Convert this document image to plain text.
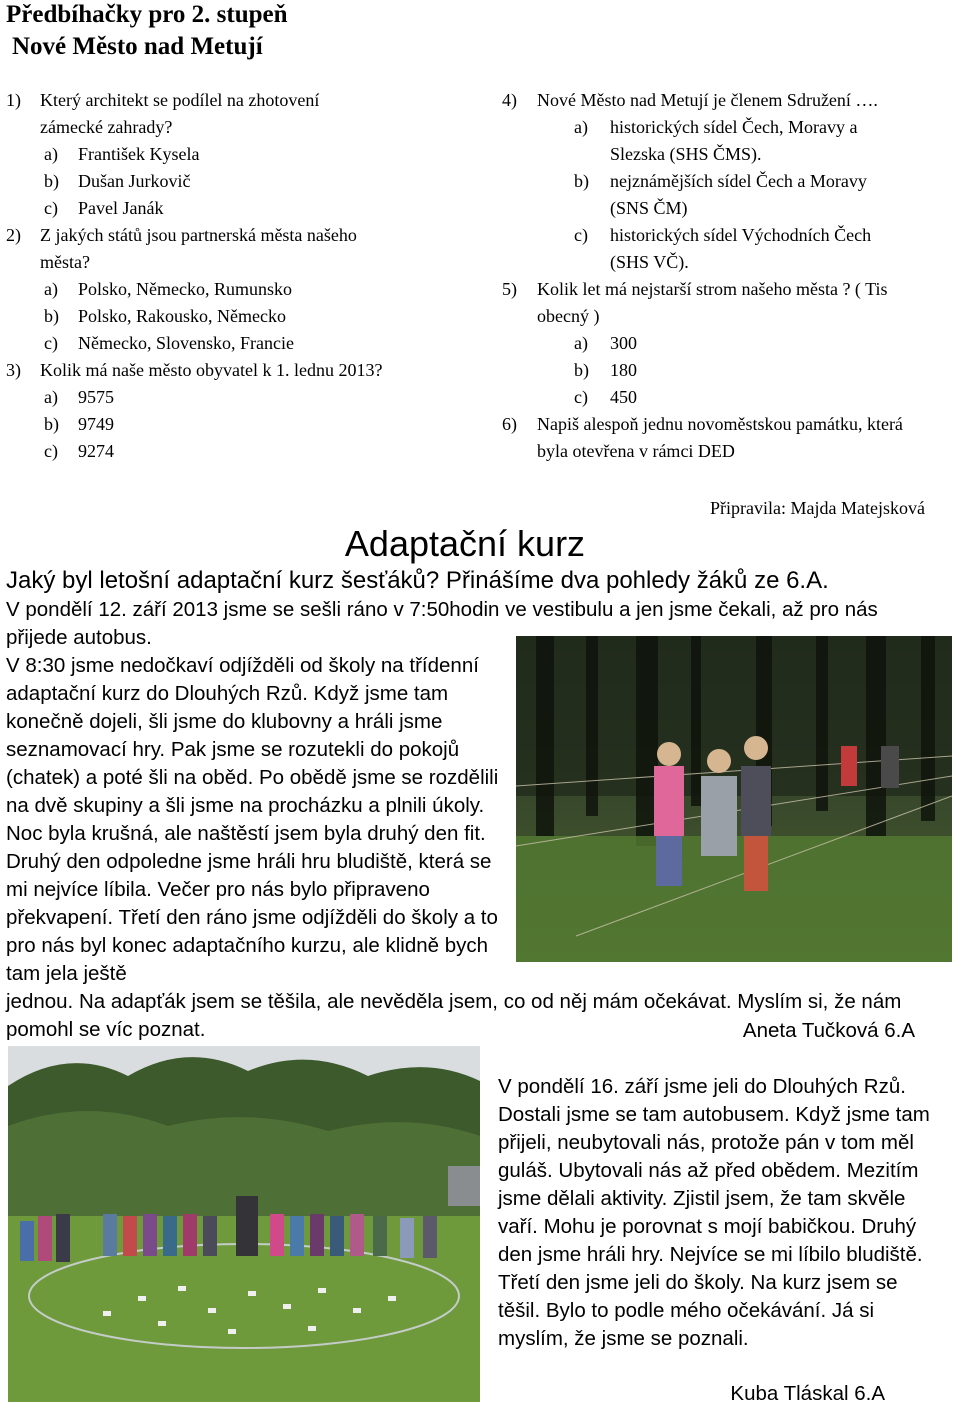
Předbíhačky pro 2. stupeň
Nové Město nad Metují
1) Který architekt se podílel na zhotovení zámecké zahrady?
a) František Kysela
b) Dušan Jurkovič
c) Pavel Janák
2) Z jakých států jsou partnerská města našeho města?
a) Polsko, Německo, Rumunsko
b) Polsko, Rakousko, Německo
c) Německo, Slovensko, Francie
3) Kolik má naše město obyvatel k 1. lednu 2013?
a) 9575
b) 9749
c) 9274
4) Nové Město nad Metují je členem Sdružení ….
a) historických sídel Čech, Moravy a Slezska (SHS ČMS).
b) nejznámějších sídel Čech a Moravy (SNS ČM)
c) historických sídel Východních Čech (SHS VČ).
5) Kolik let má nejstarší strom našeho města ? ( Tis obecný )
a) 300
b) 180
c) 450
6) Napiš alespoň jednu novoměstskou památku, která byla otevřena v rámci DED
Připravila: Majda Matejsková
Adaptační kurz
Jaký byl letošní adaptační kurz šesťáků? Přinášíme dva pohledy žáků ze 6.A.
V pondělí 12. září 2013 jsme se sešli ráno v 7:50hodin ve vestibulu a jen jsme čekali, až pro nás přijede autobus.
V 8:30 jsme nedočkaví odjížděli od školy na třídenní adaptační kurz do Dlouhých Rzů. Když jsme tam konečně dojeli, šli jsme do klubovny a hráli jsme seznamovací hry. Pak jsme se rozutekli do pokojů (chatek) a poté šli na oběd. Po obědě jsme se rozdělili na dvě skupiny a šli jsme na procházku a plnili úkoly. Noc byla krušná, ale naštěstí jsem byla druhý den fit. Druhý den odpoledne jsme hráli hru bludiště, která se mi nejvíce líbila. Večer pro nás bylo připraveno překvapení. Třetí den ráno jsme odjížděli do školy a to pro nás byl konec adaptačního kurzu, ale klidně bych tam jela ještě
jednou. Na adapťák jsem se těšila, ale nevěděla jsem, co od něj mám očekávat. Myslím si, že nám pomohl se víc poznat.	Aneta Tučková 6.A
V pondělí 16. září jsme jeli do Dlouhých Rzů. Dostali jsme se tam autobusem. Když jsme tam přijeli, neubytovali nás, protože pán v tom měl guláš. Ubytovali nás až před obědem. Mezitím jsme dělali aktivity. Zjistil jsem, že tam skvěle vaří. Mohu je porovnat s mojí babičkou. Druhý den jsme hráli hry. Nejvíce se mi líbilo bludiště. Třetí den jsme jeli do školy. Na kurz jsem se těšil. Bylo to podle mého očekávání. Já si myslím, že jsme se poznali.
Kuba Tláskal 6.A
